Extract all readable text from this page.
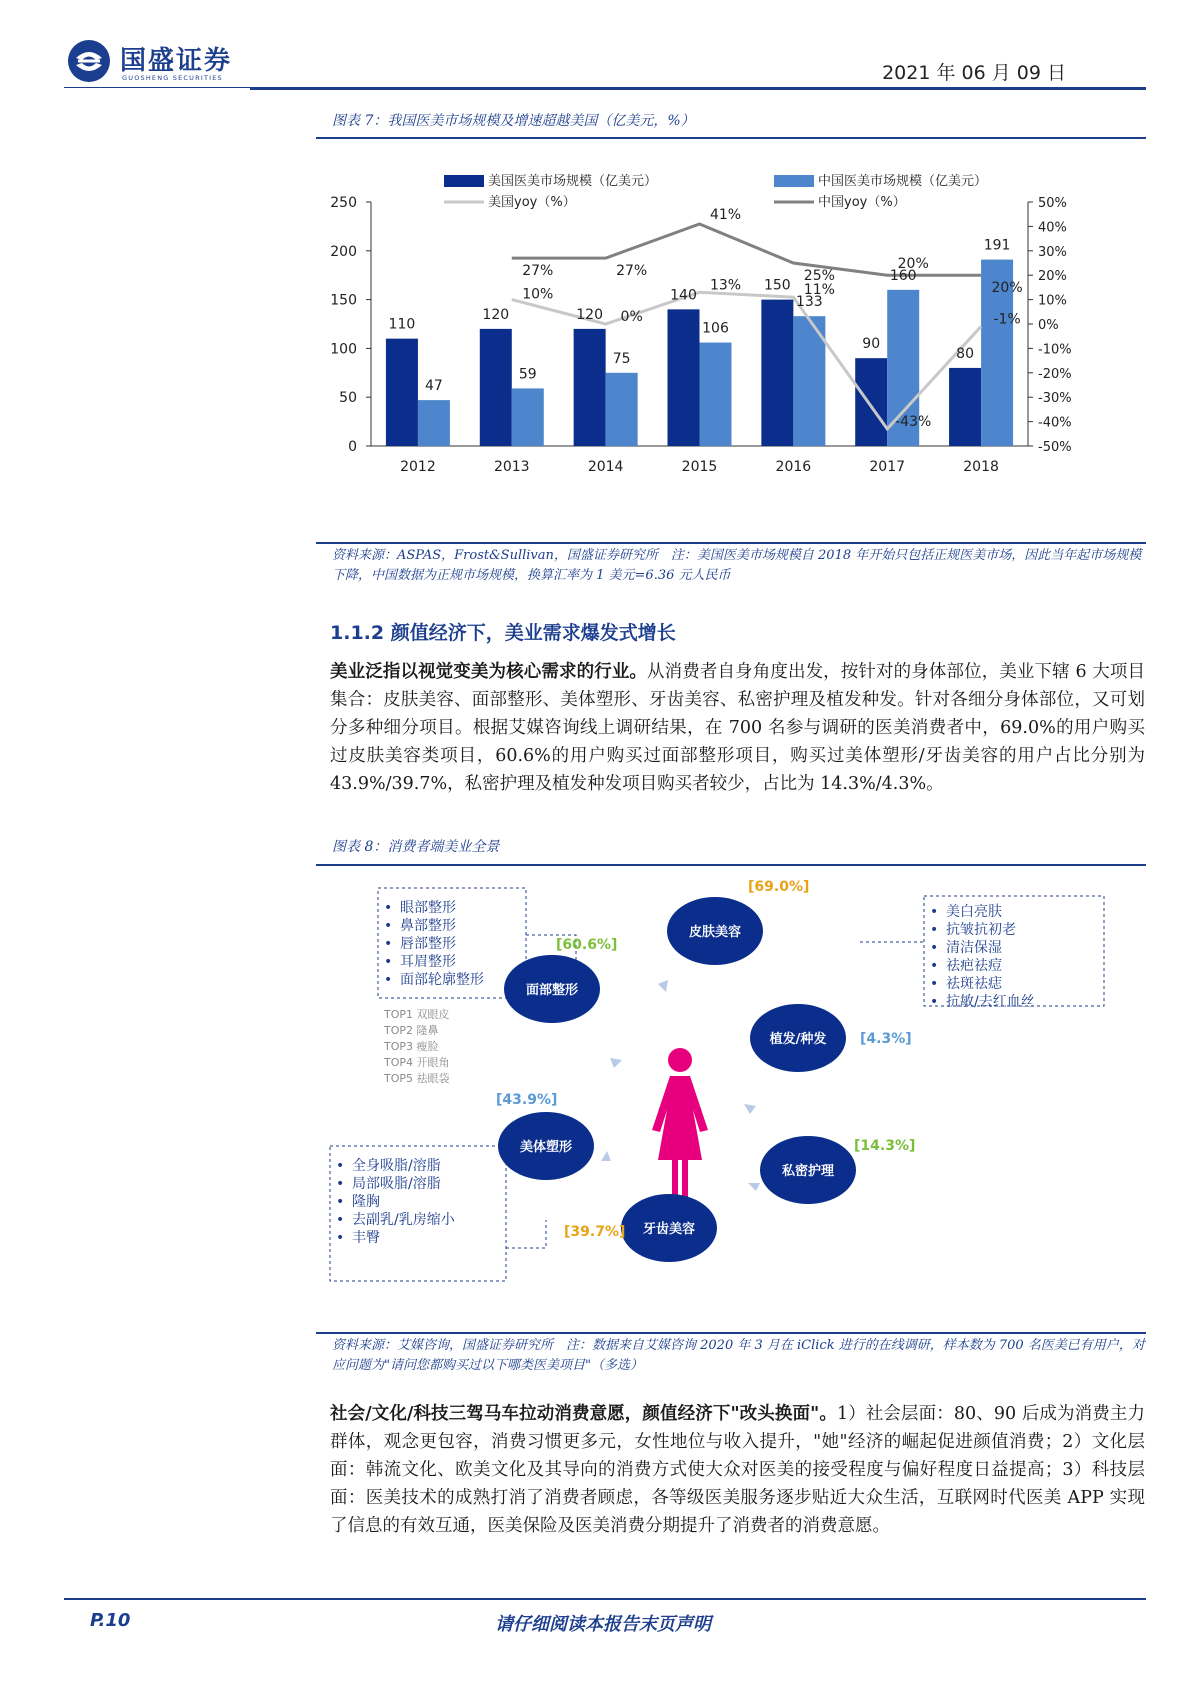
国盛证券
GUOSHENG SECURITIES	2021 年 06 月 09 日
图表 7：我国医美市场规模及增速超越美国（亿美元，%）
美国医美市场规模（亿美元）
美国yoy（%）
中国医美市场规模（亿美元）
中国yoy（%）
0
50
100
150
200
250
-50%
-40%
-30%
-20%
-10%
0%
10%
20%
30%
40%
50%
2012	2013	2014	2015	2016	2017	2018
110
120	120
140
150
90
80
47
59
75
106
133
160
191
10%
0%
13%	11%
-43%
-1%
27%	27%
41%
25%
20%
20%
资料来源：ASPAS，Frost&Sullivan，国盛证券研究所　注：美国医美市场规模自 2018 年开始只包括正规医美市场，因此当年起市场规模下降，中国数据为正规市场规模，换算汇率为 1 美元=6.36 元人民币
1.1.2 颜值经济下，美业需求爆发式增长
美业泛指以视觉变美为核心需求的行业。从消费者自身角度出发，按针对的身体部位，美业下辖 6 大项目集合：皮肤美容、面部整形、美体塑形、牙齿美容、私密护理及植发种发。针对各细分身体部位，又可划分多种细分项目。根据艾媒咨询线上调研结果，在 700 名参与调研的医美消费者中，69.0%的用户购买过皮肤美容类项目，60.6%的用户购买过面部整形项目，购买过美体塑形/牙齿美容的用户占比分别为 43.9%/39.7%，私密护理及植发种发项目购买者较少，占比为 14.3%/4.3%。
图表 8：消费者端美业全景
• 眼部整形
• 鼻部整形
• 唇部整形
• 耳眉整形
• 面部轮廓整形
• 美白亮肤
• 抗皱抗初老
• 清洁保湿
• 祛疤祛痘
• 祛斑祛痣
• 抗敏/去红血丝
• 全身吸脂/溶脂
• 局部吸脂/溶脂
• 隆胸
• 去副乳/乳房缩小
• 丰臀
TOP1 双眼皮
TOP2 隆鼻
TOP3 瘦脸
TOP4 开眼角
TOP5 祛眼袋
皮肤美容
[69.0%]
面部整形
[60.6%]
植发/种发 [4.3%]
美体塑形
[43.9%]
私密护理
[14.3%]
牙齿美容
[39.7%]
资料来源：艾媒咨询，国盛证券研究所　注：数据来自艾媒咨询 2020 年 3 月在 iClick 进行的在线调研，样本数为 700 名医美已有用户，对应问题为"请问您都购买过以下哪类医美项目"（多选）
社会/文化/科技三驾马车拉动消费意愿，颜值经济下"改头换面"。1）社会层面：80、90 后成为消费主力群体，观念更包容，消费习惯更多元，女性地位与收入提升，"她"经济的崛起促进颜值消费；2）文化层面：韩流文化、欧美文化及其导向的消费方式使大众对医美的接受程度与偏好程度日益提高；3）科技层面：医美技术的成熟打消了消费者顾虑，各等级医美服务逐步贴近大众生活，互联网时代医美 APP 实现了信息的有效互通，医美保险及医美消费分期提升了消费者的消费意愿。
P.10	请仔细阅读本报告末页声明
